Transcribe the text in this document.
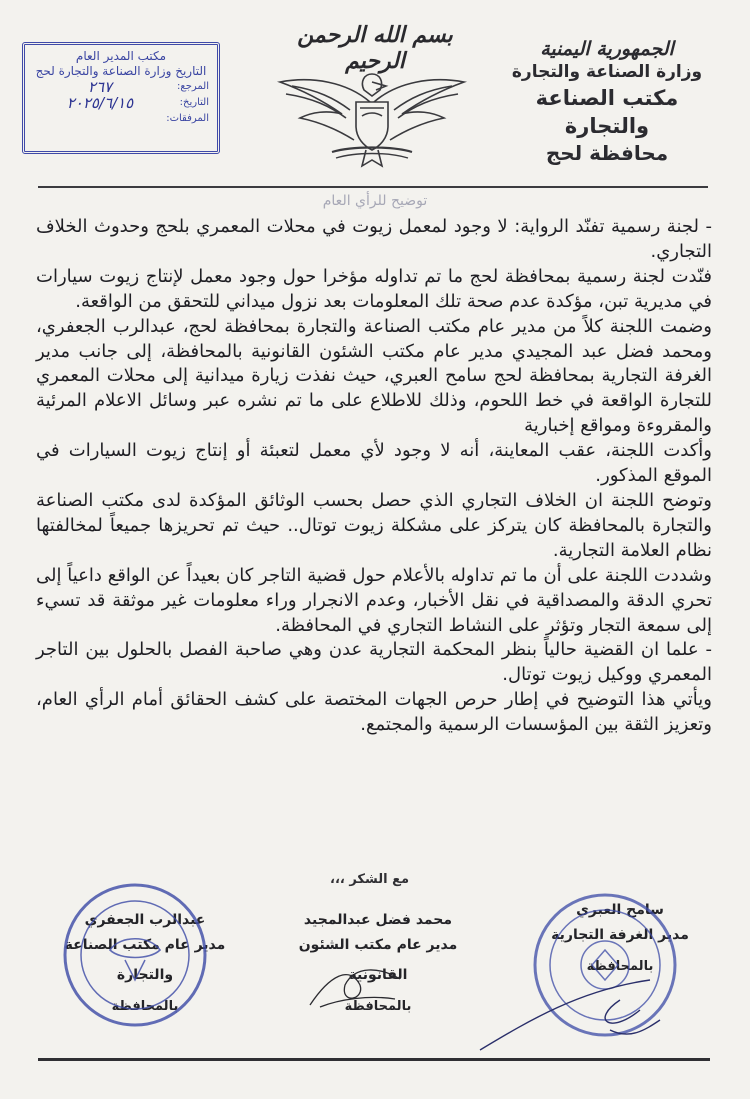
الجمهورية اليمنية
وزارة الصناعة والتجارة
مكتب الصناعة والتجارة
محافظة لحج
بسم الله الرحمن الرحيم
مكتب المدير العام
التاريخ وزارة الصناعة والتجارة لحج
المرجع:
٢٦٧
التاريخ:
٢٠٢٥/٦/١٥
المرفقات:
توضيح للرأي العام

- لجنة رسمية تفنّد الرواية: لا وجود لمعمل زيوت في محلات المعمري بلحج وحدوث الخلاف التجاري.

فنّدت لجنة رسمية بمحافظة لحج ما تم تداوله مؤخرا حول وجود معمل لإنتاج زيوت سيارات في مديرية تبن، مؤكدة عدم صحة تلك المعلومات بعد نزول ميداني للتحقق من الواقعة.

وضمت اللجنة كلاً من مدير عام مكتب الصناعة والتجارة بمحافظة لحج، عبدالرب الجعفري، ومحمد فضل عبد المجيدي مدير عام مكتب الشئون القانونية بالمحافظة، إلى جانب مدير الغرفة التجارية بمحافظة لحج سامح العبري، حيث نفذت زيارة ميدانية إلى محلات المعمري للتجارة الواقعة في خط اللحوم، وذلك للاطلاع على ما تم نشره عبر وسائل الاعلام المرئية والمقروءة ومواقع إخبارية

وأكدت اللجنة، عقب المعاينة، أنه لا وجود لأي معمل لتعبئة أو إنتاج زيوت السيارات في الموقع المذكور.

وتوضح اللجنة ان الخلاف التجاري الذي حصل بحسب الوثائق المؤكدة لدى مكتب الصناعة والتجارة بالمحافظة كان يتركز على مشكلة زيوت توتال.. حيث تم تحريزها جميعاً لمخالفتها نظام العلامة التجارية.

وشددت اللجنة على أن ما تم تداوله بالأعلام حول قضية التاجر كان بعيداً عن الواقع داعياً إلى تحري الدقة والمصداقية في نقل الأخبار، وعدم الانجرار وراء معلومات غير موثقة قد تسيء إلى سمعة التجار وتؤثر على النشاط التجاري في المحافظة.

- علما ان القضية حالياً بنظر المحكمة التجارية عدن وهي صاحبة الفصل بالحلول بين التاجر المعمري ووكيل زيوت توتال.

ويأتي هذا التوضيح في إطار حرص الجهات المختصة على كشف الحقائق أمام الرأي العام، وتعزيز الثقة بين المؤسسات الرسمية والمجتمع.

مع الشكر ،،،
سامح العبري
مدير الغرفة التجارية
بالمحافظة
محمد فضل عبدالمجيد
مدير عام مكتب الشئون القانونية
بالمحافظة
عبدالرب الجعفري
مدير عام مكتب الصناعة والتجارة
بالمحافظة
